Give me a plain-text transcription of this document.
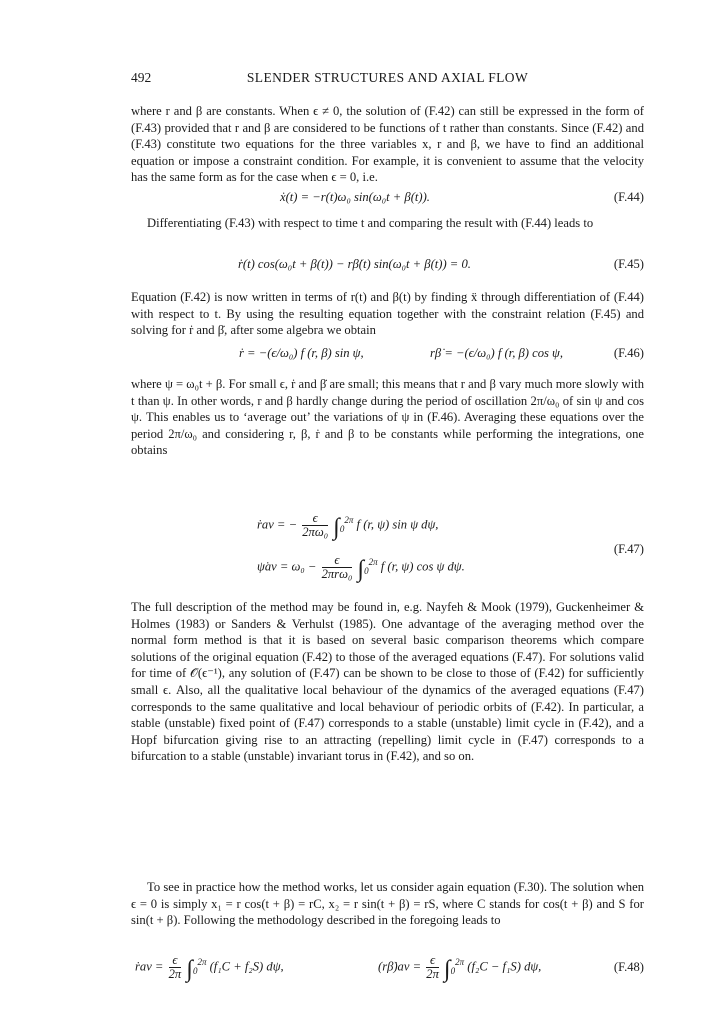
492	SLENDER STRUCTURES AND AXIAL FLOW

where r and β are constants. When ϵ ≠ 0, the solution of (F.42) can still be expressed in the form of (F.43) provided that r and β are considered to be functions of t rather than constants. Since (F.42) and (F.43) constitute two equations for the three variables x, r and β, we have to find an additional equation or impose a constraint condition. For example, it is convenient to assume that the velocity has the same form as for the case when ϵ = 0, i.e.

ẋ(t) = −r(t)ω₀ sin(ω₀t + β(t)).	(F.44)

Differentiating (F.43) with respect to time t and comparing the result with (F.44) leads to

ṙ(t) cos(ω₀t + β(t)) − rβ̇(t) sin(ω₀t + β(t)) = 0.	(F.45)

Equation (F.42) is now written in terms of r(t) and β(t) by finding ẍ through differentiation of (F.44) with respect to t. By using the resulting equation together with the constraint relation (F.45) and solving for ṙ and β̇, after some algebra we obtain

ṙ = −(ϵ/ω₀) f (r, β) sin ψ,	rβ̇ = −(ϵ/ω₀) f (r, β) cos ψ,	(F.46)

where ψ = ω₀t + β. For small ϵ, ṙ and β̇ are small; this means that r and β vary much more slowly with t than ψ. In other words, r and β hardly change during the period of oscillation 2π/ω₀ of sin ψ and cos ψ. This enables us to ‘average out’ the variations of ψ in (F.46). Averaging these equations over the period 2π/ω₀ and considering r, β, ṙ and β to be constants while performing the integrations, one obtains

ṙav = − $\frac{\epsilon}{\text{2πω₀}} \int_0^{2\pi}$ f (r, ψ) sin ψ dψ,
ψ̇av = $\omega_0 - \frac{\epsilon}{\text{2πrω₀}} \int_0^{2\pi}$ f (r, ψ) cos ψ dψ.
(F.47)

The full description of the method may be found in, e.g. Nayfeh & Mook (1979), Guckenheimer & Holmes (1983) or Sanders & Verhulst (1985). One advantage of the averaging method over the normal form method is that it is based on several basic comparison theorems which compare solutions of the original equation (F.42) to those of the averaged equations (F.47). For solutions valid for time of 𝒪(ϵ⁻¹), any solution of (F.47) can be shown to be close to those of (F.42) for sufficiently small ϵ. Also, all the qualitative local behaviour of the dynamics of the averaged equations (F.47) corresponds to the same qualitative and local behaviour of periodic orbits of (F.42). In particular, a stable (unstable) fixed point of (F.47) corresponds to a stable (unstable) limit cycle in (F.42), and a Hopf bifurcation giving rise to an attracting (repelling) limit cycle in (F.47) corresponds to a bifurcation to a stable (unstable) invariant torus in (F.42), and so on.

To see in practice how the method works, let us consider again equation (F.30). The solution when ϵ = 0 is simply x₁ = r cos(t + β) = rC, x₂ = r sin(t + β) = rS, where C stands for cos(t + β) and S for sin(t + β). Following the methodology described in the foregoing leads to

ṙav = $\frac{\epsilon}{2\pi} \int_0^{2\pi}$ (f₁C + f₂S) dψ,	(rβ̇)av = $\frac{\epsilon}{2\pi} \int_0^{2\pi}$ (f₂C − f₁S) dψ,	(F.48)
